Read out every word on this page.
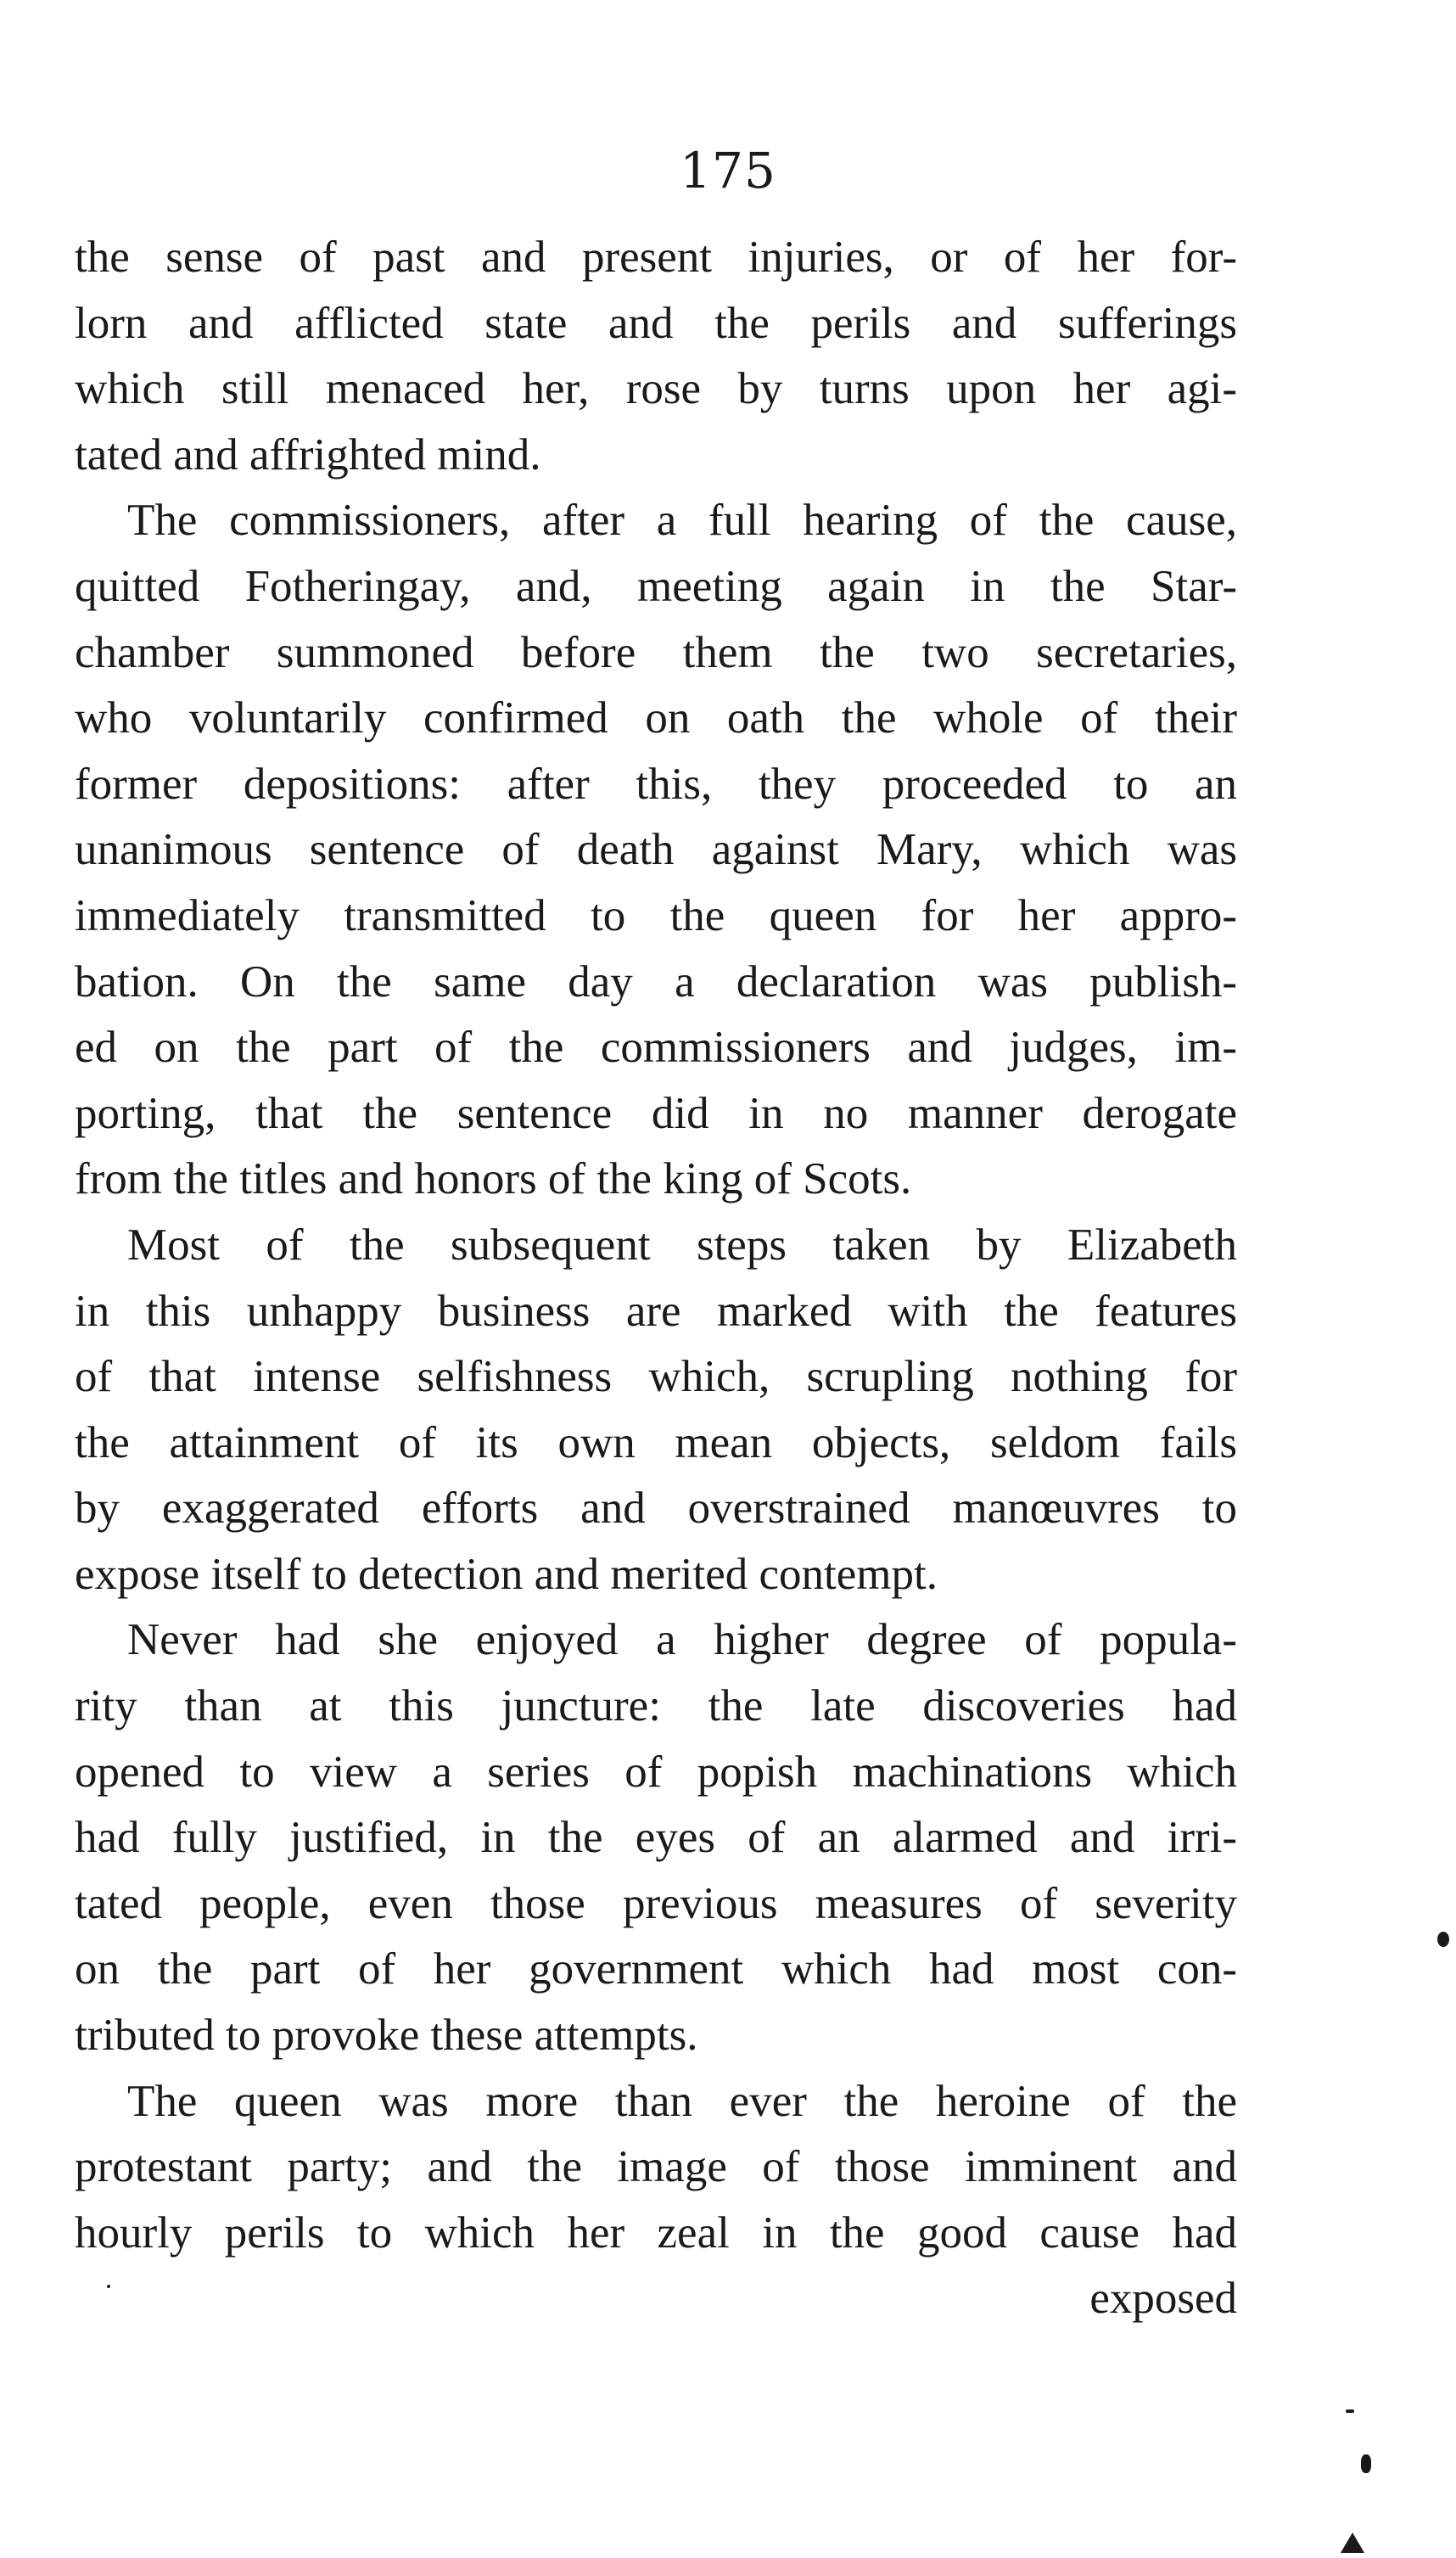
175
the sense of past and present injuries, or of her for-
lorn and afflicted state and the perils and sufferings
which still menaced her, rose by turns upon her agi-
tated and affrighted mind.
The commissioners, after a full hearing of the cause,
quitted Fotheringay, and, meeting again in the Star-
chamber summoned before them the two secretaries,
who voluntarily confirmed on oath the whole of their
former depositions: after this, they proceeded to an
unanimous sentence of death against Mary, which was
immediately transmitted to the queen for her appro-
bation. On the same day a declaration was publish-
ed on the part of the commissioners and judges, im-
porting, that the sentence did in no manner derogate
from the titles and honors of the king of Scots.
Most of the subsequent steps taken by Elizabeth
in this unhappy business are marked with the features
of that intense selfishness which, scrupling nothing for
the attainment of its own mean objects, seldom fails
by exaggerated efforts and overstrained manœuvres to
expose itself to detection and merited contempt.
Never had she enjoyed a higher degree of popula-
rity than at this juncture: the late discoveries had
opened to view a series of popish machinations which
had fully justified, in the eyes of an alarmed and irri-
tated people, even those previous measures of severity
on the part of her government which had most con-
tributed to provoke these attempts.
The queen was more than ever the heroine of the
protestant party; and the image of those imminent and
hourly perils to which her zeal in the good cause had
exposed
